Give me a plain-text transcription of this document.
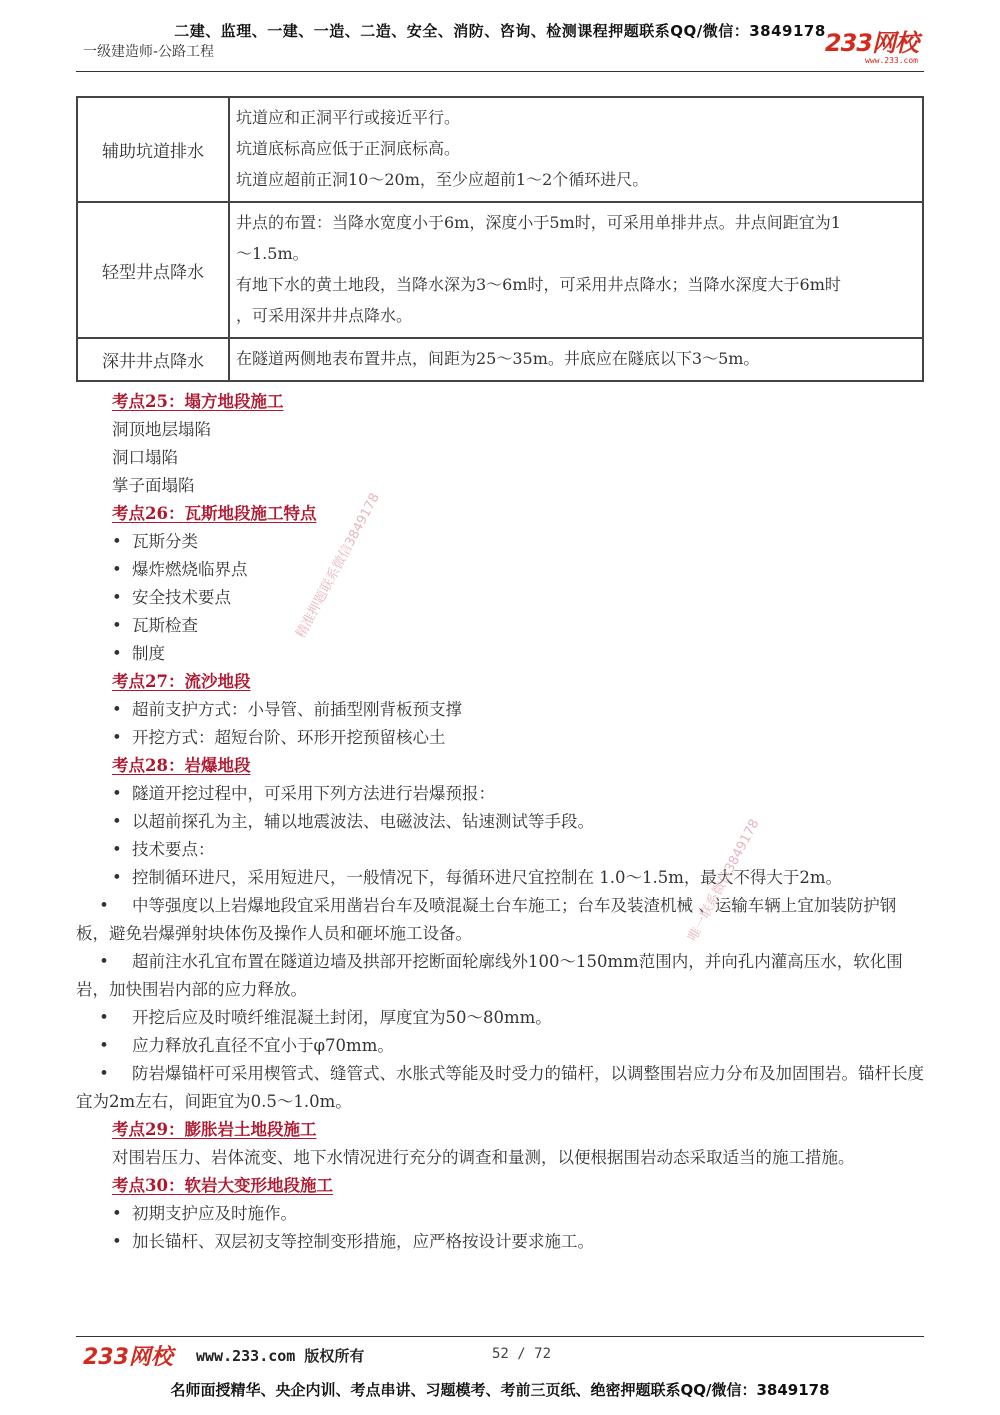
二建、监理、一建、一造、二造、安全、消防、咨询、检测课程押题联系QQ/微信：3849178
一级建造师-公路工程	233网校
www.233.com
辅助坑道排水	坑道应和正洞平行或接近平行。
坑道底标高应低于正洞底标高。
坑道应超前正洞10～20m，至少应超前1～2个循环进尺。

轻型井点降水	井点的布置：当降水宽度小于6m，深度小于5m时，可采用单排井点。井点间距宜为1
～1.5m。
有地下水的黄土地段，当降水深为3～6m时，可采用井点降水；当降水深度大于6m时
，可采用深井井点降水。

深井井点降水	在隧道两侧地表布置井点，间距为25～35m。井底应在隧底以下3～5m。
考点25：塌方地段施工
洞顶地层塌陷
洞口塌陷
掌子面塌陷
考点26：瓦斯地段施工特点
• 瓦斯分类
• 爆炸燃烧临界点
• 安全技术要点
• 瓦斯检查
• 制度
考点27：流沙地段
• 超前支护方式：小导管、前插型刚背板预支撑
• 开挖方式：超短台阶、环形开挖预留核心土
考点28：岩爆地段
• 隧道开挖过程中，可采用下列方法进行岩爆预报：
• 以超前探孔为主，辅以地震波法、电磁波法、钻速测试等手段。
• 技术要点：
• 控制循环进尺，采用短进尺，一般情况下，每循环进尺宜控制在 1.0～1.5m，最大不得大于2m。
• 中等强度以上岩爆地段宜采用凿岩台车及喷混凝土台车施工；台车及装渣机械 、运输车辆上宜加装防护钢板，避免岩爆弹射块体伤及操作人员和砸坏施工设备。
• 超前注水孔宜布置在隧道边墙及拱部开挖断面轮廓线外100～150mm范围内，并向孔内灌高压水，软化围岩，加快围岩内部的应力释放。
• 开挖后应及时喷纤维混凝土封闭，厚度宜为50～80mm。
• 应力释放孔直径不宜小于φ70mm。
• 防岩爆锚杆可采用楔管式、缝管式、水胀式等能及时受力的锚杆，以调整围岩应力分布及加固围岩。锚杆长度宜为2m左右，间距宜为0.5～1.0m。
考点29：膨胀岩土地段施工
对围岩压力、岩体流变、地下水情况进行充分的调查和量测，以便根据围岩动态采取适当的施工措施。
考点30：软岩大变形地段施工
• 初期支护应及时施作。
• 加长锚杆、双层初支等控制变形措施，应严格按设计要求施工。
精准押题联系微信3849178
唯一联系微信3849178
233网校 www.233.com 版权所有	52 / 72
名师面授精华、央企内训、考点串讲、习题模考、考前三页纸、绝密押题联系QQ/微信：3849178
